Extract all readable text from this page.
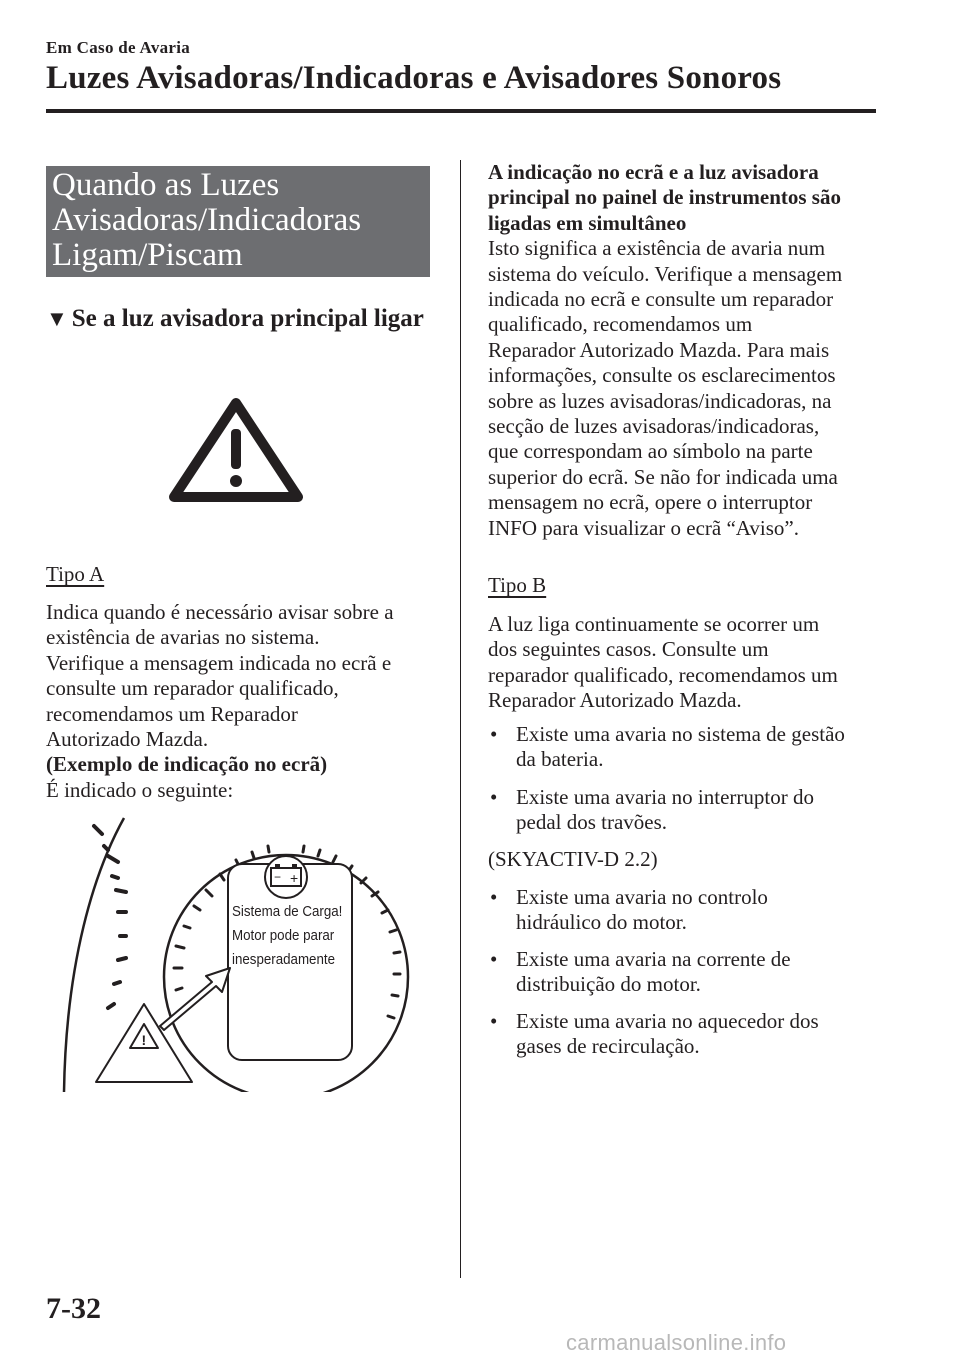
Em Caso de Avaria
Luzes Avisadoras/Indicadoras e Avisadores Sonoros
Quando as Luzes
Avisadoras/Indicadoras
Ligam/Piscam
▼ Se a luz avisadora principal ligar
Tipo A
Indica quando é necessário avisar sobre a
existência de avarias no sistema.
Verifique a mensagem indicada no ecrã e
consulte um reparador qualificado,
recomendamos um Reparador
Autorizado Mazda.
(Exemplo de indicação no ecrã)
É indicado o seguinte:
− +
Sistema de Carga!
Motor pode parar
inesperadamente
!
A indicação no ecrã e a luz avisadora
principal no painel de instrumentos são
ligadas em simultâneo
Isto significa a existência de avaria num
sistema do veículo. Verifique a mensagem
indicada no ecrã e consulte um reparador
qualificado, recomendamos um
Reparador Autorizado Mazda. Para mais
informações, consulte os esclarecimentos
sobre as luzes avisadoras/indicadoras, na
secção de luzes avisadoras/indicadoras,
que correspondam ao símbolo na parte
superior do ecrã. Se não for indicada uma
mensagem no ecrã, opere o interruptor
INFO para visualizar o ecrã “Aviso”.
Tipo B
A luz liga continuamente se ocorrer um
dos seguintes casos. Consulte um
reparador qualificado, recomendamos um
Reparador Autorizado Mazda.
• Existe uma avaria no sistema de gestão
da bateria.
• Existe uma avaria no interruptor do
pedal dos travões.
(SKYACTIV-D 2.2)
• Existe uma avaria no controlo
hidráulico do motor.
• Existe uma avaria na corrente de
distribuição do motor.
• Existe uma avaria no aquecedor dos
gases de recirculação.
7-32
carmanualsonline.info
